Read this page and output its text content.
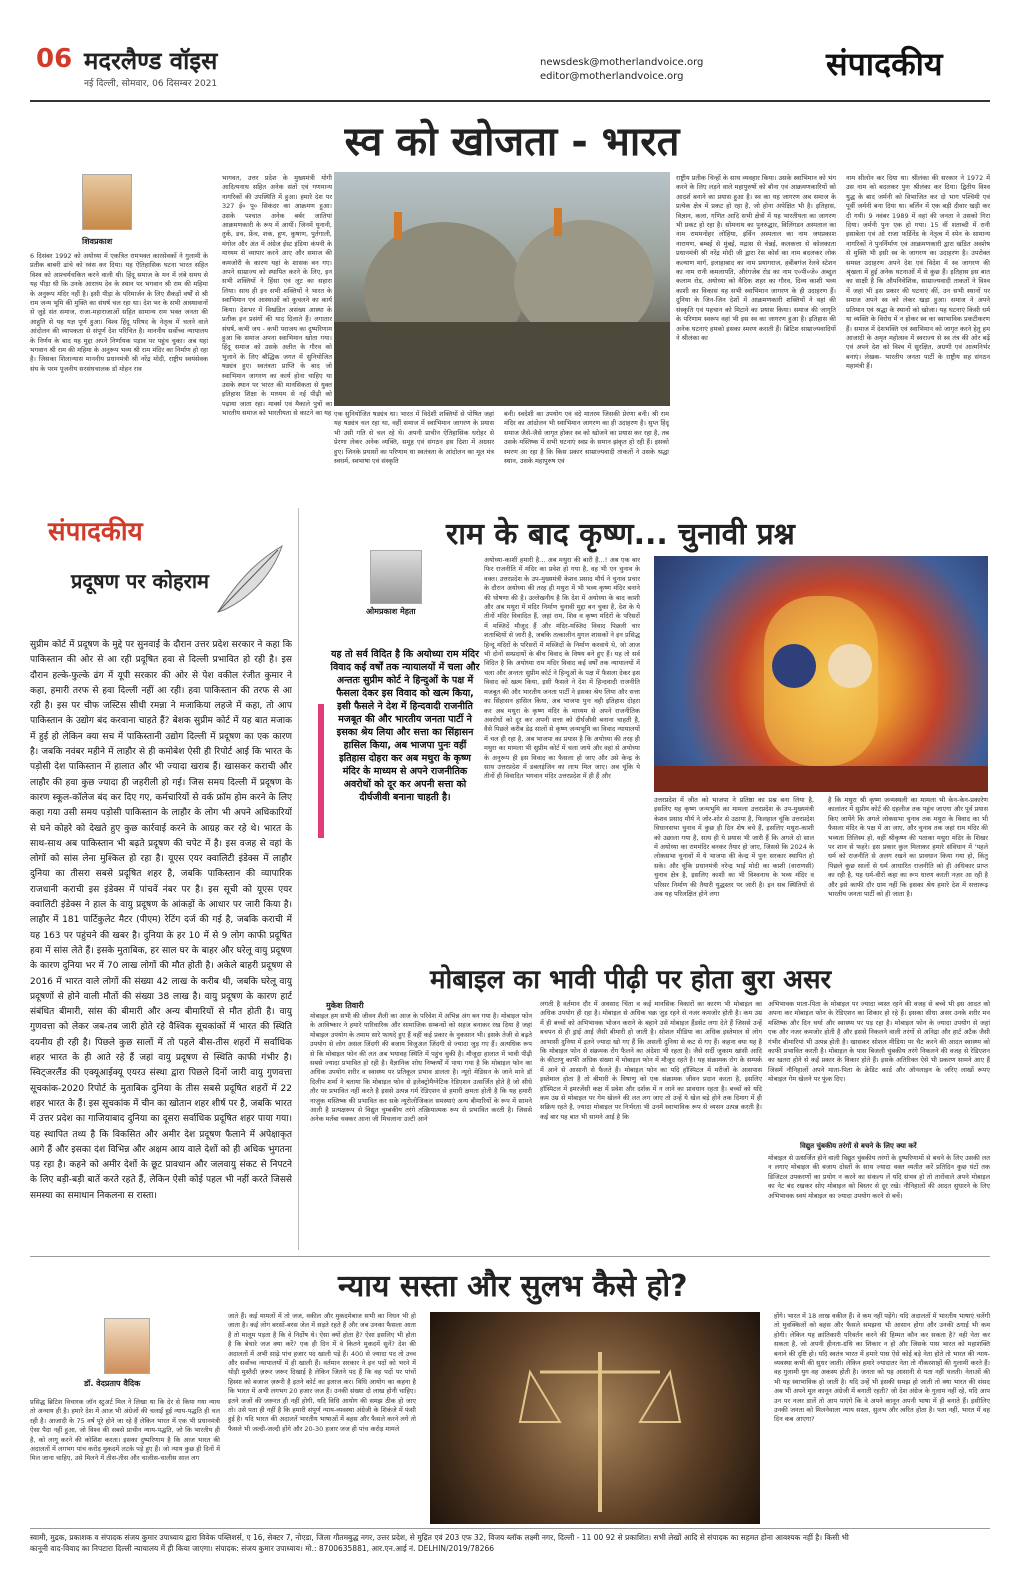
06 मदरलैण्ड वॉइस
नई दिल्ली, सोमवार, 06 दिसम्बर 2021
newsdesk@motherlandvoice.org
editor@motherlandvoice.org	संपादकीय
स्व को खोजता - भारत
शिवप्रकाश
6 दिसंबर 1992 को अयोध्या में एकत्रित रामभक्त कारसेवकों ने गुलामी के प्रतीक बाबरी ढांचे को ध्वंस कर दिया। यह ऐतिहासिक घटना भारत सहित विश्व को आश्चर्यचकित करने वाली थी। हिंदू समाज के मन में लंबे समय से यह पीड़ा थी कि उनके आराध्य देव के स्थान पर भगवान श्री राम की महिमा के अनुरूप मंदिर नहीं है। इसी पीड़ा के परिमार्जन के लिए सैकड़ों वर्षों से श्री राम जन्म भूमि की मुक्ति का संघर्ष चल रहा था। देश भर के सभी आस्थावानों से जुड़े संत समाज, राजा-महाराजाओं सहित सामान्य राम भक्त जनता की आहुति से यह यज्ञ पूर्ण हुआ। विश्व हिंदू परिषद के नेतृत्व में चलने वाले आंदोलन की व्यापकता से संपूर्ण देश परिचित है। माननीय सर्वोच्च न्यायालय के निर्णय के बाद यह मुद्दा अपने निर्णायक पड़ाव पर पहुंच चुका। अब यहां भगवान श्री राम की महिमा के अनुरूप भव्य श्री राम मंदिर का निर्माण हो रहा है। जिसका शिलान्यास माननीय प्रधानमंत्री श्री नरेंद्र मोदी, राष्ट्रीय स्वयंसेवक संघ के परम पूजनीय सरसंघचालक डॉ मोहन राव
भागवत, उत्तर प्रदेश के मुख्यमंत्री योगी आदित्यनाथ सहित अनेक संतों एवं गणमान्य नागरिकों की उपस्थिति में हुआ। हमारे देश पर 327 ई० पू० सिकंदर का आक्रमण हुआ। उसके पश्चात अनेक बर्बर जातियां आक्रमणकारी के रूप में आयीं। जिनमें यूनानी, तुर्क, डच, फ्रेंच, शक, हूण, कुषाण, पुर्तगाली, मंगोल और अंत में अंग्रेज ईस्ट इंडिया कंपनी के माध्यम से व्यापार करने आए और समाज की कमजोरी के कारण यहां के शासक बन गए। अपने साम्राज्य को स्थापित करने के लिए, इन सभी शक्तियों ने हिंसा एवं लूट का सहारा लिया। साथ ही इन सभी शक्तियों ने भारत के स्वाभिमान एवं आस्थाओं को कुचलने का कार्य किया। देशभर में विखंडित असंख्य आस्था के प्रतीक इन प्रसंगों की याद दिलाते हैं। लगातार संघर्ष, कभी जय - कभी पराजय का दुष्परिणाम हुआ कि समाज अपना स्वाभिमान खोता गया। हिंदू समाज को उसके अतीत के गौरव को भुलाने के लिए बौद्धिक जगत में सुनियोजित षड्यंत्र हुए। स्वतंत्रता प्राप्ति के बाद जो स्वाभिमान जागरण का कार्य होना चाहिए था उसके स्थान पर भारत की मानसिकता से युक्त इतिहास शिक्षा के माध्यम से नई पीढ़ी को पढ़ाया जाता रहा। मार्क्स एवं मैकाले पुत्रों का भारतीय समाज को भारतीयता से काटने का यह एक सुनियोजित षड्यंत्र था। भारत में विदेशी शक्तियों से पोषित जहां यह षड्यंत्र चल रहा था, वहीं समाज में स्वाभिमान जागरण के प्रयास भी उसी गति से चल रहे थे। अपनी प्राचीन ऐतिहासिक धरोहर से प्रेरणा लेकर अनेक व्यक्ति, समूह एवं संगठन इस दिशा में अग्रसर हुए। जिनके प्रयासों का परिणाम था स्वतंत्रता के आंदोलन का मूल मंत्र स्वधर्म, स्वभाषा एवं संस्कृति
बनी। स्वदेशी का उपयोग एवं वंदे मातरम जिसकी प्रेरणा बनी। श्री राम मंदिर का आंदोलन भी स्वाभिमान जागरण का ही उदाहरण है। सुप्त हिंदू समाज जैसे-जैसे जागृत होकर स्व को खोजने का प्रयास कर रहा है, तब उसके मस्तिष्क में सभी घटनाएं स्वप्न के समान झंकृत हो रही हैं। इसको स्मरण आ रहा है कि किस प्रकार साम्राज्यवादी ताकतों ने उसके श्रद्धा स्थान, उसके महापुरुष एवं
राष्ट्रीय प्रतीक चिन्हों के साथ व्यवहार किया। उसके स्वाभिमान को भंग करने के लिए लड़ने वाले महापुरुषों को बौना एवं आक्रमणकारियों को आदर्श बनाने का प्रयास हुआ है। स्व का यह जागरण अब समाज के प्रत्येक क्षेत्र में प्रकट हो रहा है, जो होना अपेक्षित भी है। इतिहास, विज्ञान, कला, गणित आदि सभी क्षेत्रों में यह भारतीयता का जागरण भी प्रकट हो रहा है। सोमनाथ का पुनरुद्धार, विलिंगडन अस्पताल का नाम राममनोहर लोहिया, इर्विन अस्पताल का नाम जयप्रकाश नारायण, बम्बई से मुंबई, मद्रास से चेन्नई, कलकत्ता से कोलकाता प्रधानमंत्री श्री नरेंद्र मोदी जी द्वारा रेस कोर्स का नाम बदलकर लोक कल्याण मार्ग, इलाहाबाद का नाम प्रयागराज, हबीबगंज रेलवे स्टेशन का नाम रानी कमलापति, औरंगजेब रोड का नाम ए०पी०जे० अब्दुल कलाम रोड, अयोध्या को वैदिक शहर का गौरव, दिव्य काशी भव्य काशी का विकास यह सभी स्वाभिमान जागरण के ही उदाहरण हैं। दुनिया के जिन-जिन देशों में आक्रमणकारी शक्तियों ने वहां की संस्कृति एवं पहचान को मिटाने का प्रयास किया। समाज की जागृति के परिणाम स्वरूप वहां भी इस स्व का जागरण हुआ है। इतिहास की अनेक घटनाएं हमको इसका स्मरण कराती हैं। ब्रिटिश साम्राज्यवादियों ने श्रीलंका का
नाम सीलोन कर दिया था। श्रीलंका की सरकार ने 1972 में उस नाम को बदलकर पुनः श्रीलंका कर दिया। द्वितीय विश्व युद्ध के बाद जर्मनी को विभाजित कर दो भाग पश्चिमी एवं पूर्वी जर्मनी बना दिया था। बर्लिन में एक बड़ी दीवार खड़ी कर दी गयी। 9 नवंबर 1989 में वहां की जनता ने उसको गिरा दिया। जर्मनी पुनः एक हो गया। 15 वीं शताब्दी में रानी इसाबेला एवं ओ राजा फर्डिनेंड के नेतृत्व में स्पेन के सामान्य नागरिकों ने पुनर्निर्माण एवं आक्रमणकारी द्वारा खंडित अवशेष से मुक्ति भी इसी स्व के जागरण का उदाहरण है। उपरोक्त समस्त उदाहरण अपने देश एवं विदेश में स्व जागरण की श्रृंखला में हुई अनेक घटनाओं में से कुछ हैं। इतिहास इस बात का साक्षी है कि औपनिवेशिक, साम्राज्यवादी ताकतों ने विश्व में जहां भी इस प्रकार की घटनाएं कीं, उन सभी स्थानों पर समाज अपने स्व को लेकर खड़ा हुआ। समाज ने अपने प्रतिमान एवं श्रद्धा के स्थानों को खोजा। यह घटनाएं किसी धर्म या व्यक्ति के विरोध में न होकर स्व का स्वाभाविक प्रकटीकरण हैं। समाज में देशभक्ति एवं स्वाभिमान को जागृत करने हेतु हम आजादी के अमृत महोत्सव में स्वराज्य से स्व तंत्र की ओर बढ़ें एवं अपने देश को विश्व में सुरक्षित, अग्रणी एवं आत्मनिर्भर बनाएं। लेखक- भारतीय जनता पार्टी के राष्ट्रीय सह संगठन महामंत्री हैं।
संपादकीय
प्रदूषण पर कोहराम
सुप्रीम कोर्ट में प्रदूषण के मुद्दे पर सुनवाई के दौरान उत्तर प्रदेश सरकार ने कहा कि पाकिस्तान की ओर से आ रही प्रदूषित हवा से दिल्ली प्रभावित हो रही है। इस दौरान हल्के-फुल्के ढंग में यूपी सरकार की ओर से पेश वकील रंजीत कुमार ने कहा, हमारी तरफ से हवा दिल्ली नहीं आ रही। हवा पाकिस्तान की तरफ से आ रही है। इस पर चीफ जस्टिस सीधी रमन्ना ने मजाकिया लहजे में कहा, तो आप पाकिस्तान के उद्योग बंद करवाना चाहते हैं? बेशक सुप्रीम कोर्ट में यह बात मजाक में हुई हो लेकिन क्या सच में पाकिस्तानी उद्योग दिल्ली में प्रदूषण का एक कारण है। जबकि नवंबर महीने में लाहौर से ही कमोबेश ऐसी ही रिपोर्ट आई कि भारत के पड़ोसी देश पाकिस्तान में हालात और भी ज्यादा खराब हैं। खासकर कराची और लाहौर की हवा कुछ ज्यादा ही जहरीली हो गई। जिस समय दिल्ली में प्रदूषण के कारण स्कूल-कॉलेज बंद कर दिए गए, कर्मचारियों से वर्क फ्रॉम होम करने के लिए कहा गया उसी समय पड़ोसी पाकिस्तान के लाहौर के लोग भी अपने अधिकारियों से घने कोहरे को देखते हुए कुछ कार्रवाई करने के आग्रह कर रहे थे। भारत के साथ-साथ अब पाकिस्तान भी बढ़ते प्रदूषण की चपेट में है। इस वजह से वहां के लोगों को सांस लेना मुश्किल हो रहा है। यूएस एयर क्वालिटी इंडेक्स में लाहौर दुनिया का तीसरा सबसे प्रदूषित शहर है, जबकि पाकिस्तान की व्यापारिक राजधानी कराची इस इंडेक्स में पांचवें नंबर पर है। इस सूची को यूएस एयर क्वालिटी इंडेक्स ने हाल के वायु प्रदूषण के आंकड़ों के आधार पर जारी किया है। लाहौर में 181 पार्टिकुलेट मैटर (पीएम) रेटिंग दर्ज की गई है, जबकि कराची में यह 163 पर पहुंचने की खबर है। दुनिया के हर 10 में से 9 लोग काफी प्रदूषित हवा में सांस लेते हैं। इसके मुताबिक, हर साल घर के बाहर और घरेलू वायु प्रदूषण के कारण दुनिया भर में 70 लाख लोगों की मौत होती है। अकेले बाहरी प्रदूषण से 2016 में भारत वाले लोगों की संख्या 42 लाख के करीब थी, जबकि घरेलू वायु प्रदूषणों से होने वाली मौतों की संख्या 38 लाख है। वायु प्रदूषण के कारण हार्ट संबंधित बीमारी, सांस की बीमारी और अन्य बीमारियों से मौत होती है। वायु गुणवत्ता को लेकर जब-तब जारी होते रहे वैश्विक सूचकांकों में भारत की स्थिति दयनीय ही रही है। पिछले कुछ सालों में तो पहले बीस-तीस शहरों में सर्वाधिक शहर भारत के ही आते रहे हैं जहां वायु प्रदूषण से स्थिति काफी गंभीर है। स्विट्जरलैंड की एक्यूआईक्यू एयरउ संस्था द्वारा पिछले दिनों जारी वायु गुणवत्ता सूचकांक-2020 रिपोर्ट के मुताबिक दुनिया के तीस सबसे प्रदूषित शहरों में 22 शहर भारत के हैं। इस सूचकांक में चीन का खोतान शहर शीर्ष पर है, जबकि भारत में उत्तर प्रदेश का गाजियाबाद दुनिया का दूसरा सर्वाधिक प्रदूषित शहर पाया गया। यह स्थापित तथ्य है कि विकसित और अमीर देश प्रदूषण फैलाने में अपेक्षाकृत आगे हैं और इसका दंश विभिन्न और अक्षम आय वाले देशों को ही अधिक भुगतना पड़ रहा है। कहने को अमीर देशों के छूट प्रावधान और जलवायु संकट से निपटने के लिए बड़ी-बड़ी बातें करते रहते हैं, लेकिन ऐसी कोई पहल भी नहीं करते जिससे समस्या का समाधान निकलना स रास्ता।
राम के बाद कृष्ण... चुनावी प्रश्न
ओमप्रकाश मेहता
यह तो सर्व विदित है कि अयोध्या राम मंदिर विवाद कई वर्षों तक न्यायालयों में चला और अन्ततः सुप्रीम कोर्ट ने हिन्दुओं के पक्ष में फैसला देकर इस विवाद को खत्म किया, इसी फैसले ने देश में हिन्दवादी राजनीति मजबूत की और भारतीय जनता पार्टी ने इसका श्रेय लिया और सत्ता का सिंहासन हासिल किया, अब भाजपा पुनः वहीं इतिहास दोहरा कर अब मथुरा के कृष्ण मंदिर के माध्यम से अपने राजनीतिक अवरोधों को दूर कर अपनी सत्ता को दीर्घजीवी बनाना चाहती है।
अयोध्या-काशी हमारी है... अब मथुरा की बारी है...! अब एक बार फिर राजनीति में मंदिर का प्रवेश हो गया है, वह भी एन चुनाव के वक्त। उत्तरप्रदेश के उप-मुख्यमंत्री केशव प्रसाद मौर्य ने चुनाव प्रचार के दौरान अयोध्या की तरह ही मथुरा में भी भव्य कृष्ण मंदिर बनाने की घोषणा की है। उल्लेखनीय है कि देश में अयोध्या के बाद काशी और अब मथुरा में मंदिर निर्माण चुनावी मुद्दा बन चुका है, देश के ये तीनों मंदिर विवादित हैं, जहां राम, शिव व कृष्ण मंदिरों के परिसरों में मस्जिदें मौजूद हैं और मंदिर-मस्जिद विवाद पिछली चार शताब्दियों से जारी है, जबकि तत्कालीन मुगल शासकों ने इन प्रसिद्ध हिन्दू मंदिरों के परिसरों में मस्जिदों के निर्माण करवाये थे, जो आज भी दोनों सम्प्रदायों के बीच विवाद के विषय बने हुए हैं। यह तो सर्व विदित है कि अयोध्या राम मंदिर विवाद कई वर्षों तक न्यायालयों में चला और अन्ततः सुप्रीम कोर्ट ने हिन्दुओं के पक्ष में फैसला देकर इस विवाद को खत्म किया, इसी फैसले ने देश में हिन्दवादी राजनीति मजबूत की और भारतीय जनता पार्टी ने इसका श्रेय लिया और सत्ता का सिंहासन हासिल किया, अब भाजपा पुनः वही इतिहास दोहरा कर अब मथुरा के कृष्ण मंदिर के माध्यम से अपने राजनीतिक अवरोधों को दूर कर अपनी सत्ता को दीर्घजीवी बनाना चाहती है, वैसे पिछले करीब डेढ़ सालों से कृष्ण जन्मभूमि का विवाद न्यायालयों में चल ही रहा है, अब भाजपा का प्रयास है कि अयोध्या की तरह ही मथुरा का मामला भी सुप्रीम कोर्ट में चला जाये और वहां से अयोध्या के अनुरूप ही इस विवाद का फैसला हो जाए और उसे केन्द्र के साथ उत्तरप्रदेश में डबलइंजिन का लाभ मिल जाए। अब चूंकि ये तीनों ही विवादित भगवान मंदिर उत्तरप्रदेश में ही हैं और
उत्तरप्रदेश में जीत को भाजपा ने प्रतिष्ठा का प्रश्न बना लिया है, इसलिए यह कृष्ण जन्मभूमि का मामला उत्तरप्रदेश के उप-मुख्यमंत्री केशव प्रसाद मौर्य ने जोर-शोर से उठाया है, फिलहाल चूंकि उत्तरप्रदेश विधानसभा चुनाव में कुछ ही दिन शेष बचे हैं, इसलिए मथुरा-काशी को उछाला गया है, साथ ही ये प्रयास भी जारी हैं कि अगले दो साल में अयोध्या का राममंदिर बनकर तैयार हो जाए, जिससे कि 2024 के लोकसभा चुनावों में ये भाजपा की केन्द्र में पुनः सरकार स्थापित हो सके। और चूंकि प्रधानमंत्री नरेन्द्र भाई मोदी का काशी (वाराणसी) चुनाव क्षेत्र है, इसलिए काशी का भी विश्वनाथ के भव्य मंदिर व परिसर निर्माण की तैयारी युद्धस्तर पर जारी है। इन सब स्थितियों से अब यह परिलक्षित होने लगा
है कि मथुरा श्री कृष्ण जन्मस्थली का मामला भी केन-केन-प्रकारेण कालांतर में सुप्रीम कोर्ट की दहलीज तक पहुंच जाएगा और पूर्व प्रयास किए जायेंगे कि अगले लोकसभा चुनाव तक मथुरा के विवाद का भी फैसला मंदिर के पक्ष में आ जाए, और चुनाव तक जहां राम मंदिर की भव्यता तिलिस्म हो, वहीं श्रीकृष्ण की पताका मथुरा मंदिर के शिखर पर शान से फहरे। इस प्रकार कुल मिलाकर हमारे संविधान में 'पहले धर्म को राजनीति से अलग रखने का प्रावधान किया गया हो, किंतु पिछले कुछ सालों से धर्म आधारित राजनीति को ही अधिकार प्राप्त का रही है, यह धर्म-वीरों कहा का रूप धारण करती नज़र आ रही है और इसे काफी दौर ग्राम नहीं कि इसका श्रेय हमारे देश में सत्तारूढ़ भारतीय जनता पार्टी को ही जाता है।
मोबाइल का भावी पीढ़ी पर होता बुरा असर
मुकेश तिवारी
मोबाइल हम सभी की जीवन शैली का आज के परिवेश में अभिन्न अंग बन गया है। मोबाइल फोन के आविष्कार ने हमारे पारिवारिक और सामाजिक सम्बन्धों को सहज बनाकर रख दिया है जहां मोबाइल उपयोग के तमाम सारे फायदे हुए हैं वहीं कई प्रकार के नुकसान भी। इसके तेजी से बढ़ते उपयोग से लोग असल जिंदगी की बजाय विजुअल जिंदगी से ज्यादा जुड़ गए हैं। अत्यधिक रूप से कि मोबाइल फोन की लत अब भयावह स्थिति में पहुंच चुकी है। मौजूदा हालात में भावी पीढ़ी सबसे ज्यादा प्रभावित हो रही है। वैज्ञानिक शोध निष्कर्षों में पाया गया है कि मोबाइल फोन का अधिक उपयोग शरीर व स्वास्थ्य पर प्रतिकूल प्रभाव डालता है। न्यूरो मेडिसन के जाने माने डॉ दिलीप शर्मा ने बताया कि मोबाइल फोन से इलेक्ट्रोमैग्नेटिक रेडिएशन उत्सर्जित होते है जो सीधे तौर पर प्रभावित नहीं करते है इससे उत्पन्न गर्म रेडिएशन से हमारी क्षमता होती है कि यह हमारी नाजुक मस्तिष्क की प्रभावित कर सके न्यूरोलोजिकल समस्याएं अन्य बीमारियों के रूप में सामने आती है प्रत्यक्षरूप से विद्युत चुम्बकीय तरंगे तत्क्रियात्मक रूप से प्रभावित करती है। जिससे अनेक मर्तबा चक्कर आना जी मिचलाना उल्टी आने
लगती है वर्तमान दौर में अवसाद चिंता व कई मानसिक विकारों का कारण भी मोबाइल का अधिक उपयोग ही रहा है। मोबाइल से अधिक चक्र जुड़ रहने से नजर कमजोर होती है। कम उम्र में ही बच्चों को अभिभावक भोजन कराने के बहाने उसे मोबाइल हैंडसेट लगा देते हैं जिससे उन्हें बचपन से ही ड्राई आई जैसी बीमारी हो जाती है। सोशल मीडिया का अधिक इस्तेमाल से लोग आभासी दुनिया में इतने ज्यादा खो गए हैं कि असली दुनिया से कट से गए हैं। कहना क्या यह है कि मोबाइल फोन से संक्रमक रोग फैलने का अंदेशा भी रहता है। जैसे सर्दी जुकाम खांसी आदि के कीटाणु काफी अधिक संख्या में मोबाइल फोन में मौजूद रहते है। यह संक्रामक रोग के सम्पर्क में आने से आसानी से फैलते हैं। मोबाइल फोन का यदि हॉस्पिटल में मरीजों के आसपास इस्तेमाल होता है तो बीमारी के विषाणु को एक संक्रामक जीवन प्रदान करता है, इसलिए हॉस्पिटल में इमरजेंसी कक्ष में प्रवेश और दर्शक में न लाने का प्रावधान रहता है। बच्चों को यदि कम उम्र से मोबाइल पर गेम खेलने की लत लग जाए तो उन्हें ये खेल बड़े होने तक दिमाग में ही सक्रिय रहते है, ज्यादा मोबाइल पर निर्भरता भी उनमें स्वाभाविक रूप से व्यसन उत्पन्न करती है। कई बार यह बात भी सामने आई है कि
अभिभावक माता-पिता के मोबाइल पर ज्यादा व्यस्त रहने की वजह से बच्चे भी इस आदत को अपना कर मोबाइल फोन के रेडिएशन का शिकार हो रहे हैं। इसका सीधा असर उनके शरीर मन मस्तिष्क और दिन चर्या और स्वास्थ्य पर पड़ रहा है। मोबाइल फोन के ज्यादा उपयोग से जहां एक और नजर कमजोर होती है और इससे निकलने वाली तरंगों से अनिद्रा और हार्ट अटैक जैसी गंभीर बीमारियां भी उत्पन्न होती है। खासकर सोशल मीडिया पर चैट करने की आदत स्वास्थ्य को काफी प्रभावित करती है। मोबाइल के पास बिजली चुंबकीय तरंगे निकलने की वजह से रेडिएशन का खतरा होने से कई प्रकार के विकार होते हैं। इसके अतिरिक्त ऐसे भी प्रकरण सामने आए हैं जिसमें नौनिहालों अपने माता-पिता के क्रेडिट कार्ड और ऑनलाइन के जरिए लाखों रूपए मोबाइल गेम खेलने पर फूंक दिए।
विद्युत चुंबकीय तरंगों से बचने के लिए क्या करें
मोबाइल से उत्सर्जित होने वाली विद्युत चुंबकीय तरंगों के दुष्परिणामों से बचने के लिए उसकी लत न लगाए मोबाइल की बजाय दोस्तों के साथ ज्यादा वक्त व्यतीत करें प्रतिदिन कुछ घंटों तक डिजिटल उपकरणों का प्रयोग न करने का संकल्प लें यदि संभव हो तो तारोंवाले अपने मोबाइल का नेट बंद रखकर सोए मोबाइल को बिस्तर से दूर रखे। नौनिहालों की आदत सुधारने के लिए अभिभावक स्वयं मोबाइल का ज्यादा उपयोग करने से बचें।
न्याय सस्ता और सुलभ कैसे हो?
डॉ. वेदप्रताप वैदिक
प्रसिद्ध ब्रिटिश विचारक जॉन स्टुअर्ट मिल ने लिखा था कि देर से किया गया न्याय तो अन्याय ही है। हमारे देश में आज भी अंग्रेजों की चलाई हुई न्याय-पद्धति ही चल रही है। आजादी के 75 वर्ष पूरे होने जा रहे हैं लेकिन भारत में एक भी प्रधानमंत्री ऐसा पैदा नहीं हुआ, जो विश्व की सबसे प्राचीन न्याय-पद्धति, जो कि भारतीय ही है, को लागू करने की कोशिश करता। इसका दुष्परिणाम है कि आज भारत की अदालतों में लगभग पांच करोड़ मुकदमें लटके पड़े हुए हैं। जो न्याय कुछ ही दिनों में मिल जाना चाहिए, उसे मिलने में तीस-तीस और चालीस-चालीस साल लग
जाते हैं। कई मामलों में तो जज, वकील और मुकदमेबाज सभी का निधन भी हो जाता है। कई लोग बरसों-बरस जेल में सड़ते रहते हैं और जब उनका फैसला आता है तो मालूम पड़ता है कि वे निर्दोष थे। ऐसा क्यों होता है? ऐसा इसलिए भी होता है कि बेचारे जज क्या करें? एक ही दिन में वे कितने मुकदमें सुनें? देश की अदालतों में अभी साढ़े पांच हजार पद खाली पड़े हैं। 400 से ज्यादा पद तो उच्च और सर्वोच्च न्यायालयों में ही खाली हैं। वर्तमान सरकार ने इन पदों को भरने में थोड़ी मुस्तैदी ज़रूर जरूर दिखाई है लेकिन जितने पद हैं कि वह पदों पर पांचों हिस्सा को बजाज ज़रूरी है इतने कोर्ट का इलाज कर। विधि आयोग का कहना है कि भारत में अभी लगभग 20 हजार जज हैं। उनकी संख्या दो लाख होनी चाहिए। इतने जजों की जरूरत ही नहीं होगी, यदि विधि आयोग की समझ ठीक हो जाए तो। उसे पता ही नहीं है कि हमारी संपूर्ण न्याय-व्यवस्था अंग्रेजी के शिकंजे में फंसी हुई है। यदि भारत की अदालतें भारतीय भाषाओं में बहस और फैसले करने लगे तो फैसले भी जल्दी-जल्दी होंगे और 20-30 हजार जज ही पांच करोड़ मामले
होंगे। भारत में 18 लाख वकील हैं। वे कम नहीं पड़ेंगे। यदि अदालतों में भारतीय भाषाएं चलेंगी तो मुवक्किलों को बहस और फैसले समझना भी आसान होगा और उनकी ठगाई भी कम होगी। लेकिन यह क्रांतिकारी परिवर्तन करने की हिम्मत कौन कर सकता है? वही नेता कर सकता है, जो अपनी हीनता-ग्रंथि का शिकार न हो और जिसके पास भारत को महाशक्ति बनाने की दृष्टि हो। यदि स्वतंत्र भारत में हमारे पास ऐसे कोई बड़े नेता होते तो भारत की न्याय-व्यवस्था कभी की सुधर जाती। लेकिन हमारे ज्यादातर नेता तो नौकरशाहों की गुलामी करते हैं। वह गुलामी युग वह अकस्य होती है। जनता को यह आसानी से पता नहीं चलती। नेताओं की भी यह स्वाभाविक हो जाती है। यदि उन्हें भी इसकी समझ हो जाती तो क्या भारत की संसद अब भी अपने मूल कानून अंग्रेजी में बनाती रहती? जो देश अंग्रेज के गुलाम नहीं रहे, यदि आप उन पर नजर डालें तो आप पाएंगे कि वे अपने कानून अपनी भाषा में ही बनाते हैं। इसीलिए उनकी जनता को मिलनेवाला न्याय सस्ता, सुलभ और त्वरित होता है। पता नहीं, भारत में वह दिन कब आएगा?
स्वामी, मुद्रक, प्रकाशक व संपादक संजय कुमार उपाध्याय द्वारा विवेक पब्लिशर्स, ए 16, सेक्टर 7, नोएडा, जिला गौतमबुद्ध नगर, उत्तर प्रदेश, से मुद्रित एवं 203 एफ 32, विजय ब्लॉक लक्ष्मी नगर, दिल्ली - 11 00 92 से प्रकाशित। सभी लेखों आदि से संपादक का सहमत होना आवश्यक नहीं है। किसी भी
कानूनी वाद-विवाद का निपटारा दिल्ली न्यायालय में ही किया जाएगा। संपादक: संजय कुमार उपाध्याय। मो.: 8700635881, आर.एन.आई नं. DELHIN/2019/78266
